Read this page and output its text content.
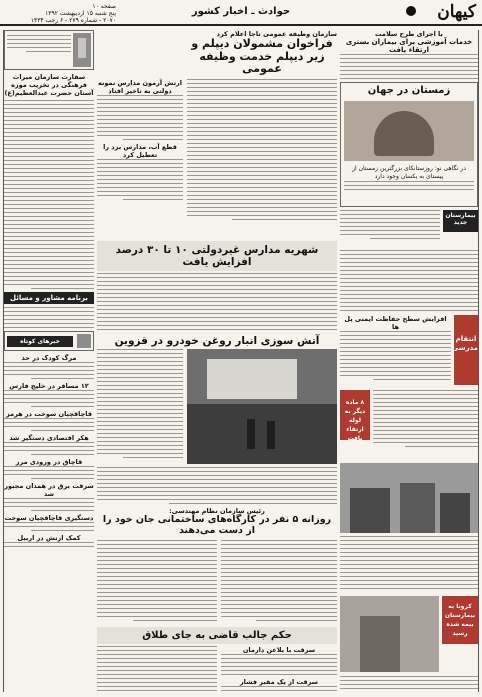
کیهان
حوادث ـ اخبار کشور
صفحه ۱۰
پنج شنبه ۱۵ اردیبهشت ۱۳۹۲
۲۰۷۰ - شماره ۲۷۹ - ۶ رجب ۱۴۳۴
سفارت سازمان میراث فرهنگی در تخریب موزه آستان حضرت عبدالعظیم(ع)
برنامه مشاور و مسائل
خبرهای کوتاه
مرگ کودک در حد
۱۲ مسافر در خلیج فارس
قاچاقچیان سوخت در هرمز
هکر اقتصادی دستگیر شد
قاچاق در ورودی مرز
سرقت برق در همدان مجبور شد
دستگیری قاچاقچیان سوخت
کمک ارتش در اربیل
سازمان وظیفه عمومی ناجا اعلام کرد
فراخوان مشمولان دیپلم و زیر دیپلم خدمت وظیفه عمومی
ارتش آزمون مدارس نمونه دولتی به تاخیر افتاد
قطع آب، مدارس بزد را تعطیل کرد
شهریه مدارس غیردولتی ۱۰ تا ۳۰ درصد افزایش یافت
آتش سوزی انبار روغن خودرو در قزوین
رئیس سازمان نظام مهندسی:
روزانه ۵ نفر در کارگاه‌های ساختمانی جان خود را از دست می‌دهند
حکم جالب قاضی به جای طلاق
سرقت با بلاعن دارمان
سرقت از یک مقبر فشار
با اجرای طرح سلامت
خدمات آموزشی برای بیماران بستری ارتقاء یافت
زمستان در جهان
در نگاهی نو: روزستانکای بزرگترین زمستان از پیستای به یکسان وجود دارد
بیمارستان جدید
انتقام مدرسی
افزایش سطح حفاظت ایمنی پل ها
۸ ماده دیگر به لوله ارتقاء یافت
کرونا به بیمارستان بیمه شده رسید
